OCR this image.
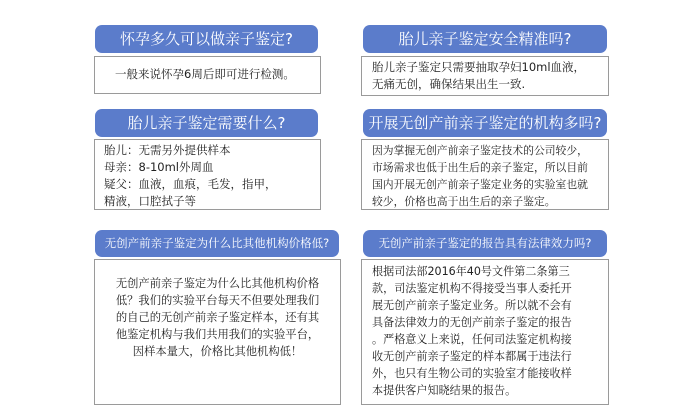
怀孕多久可以做亲子鉴定?
一般来说怀孕6周后即可进行检测。
胎儿亲子鉴定安全精准吗?
胎儿亲子鉴定只需要抽取孕妇10ml血液，
无痛无创，确保结果出生一致.
胎儿亲子鉴定需要什么?
胎儿：无需另外提供样本
母亲：8-10ml外周血
疑父：血液，血痕，毛发，指甲，
精液，口腔拭子等
开展无创产前亲子鉴定的机构多吗?
因为掌握无创产前亲子鉴定技术的公司较少，
市场需求也低于出生后的亲子鉴定，所以目前
国内开展无创产前亲子鉴定业务的实验室也就
较少，价格也高于出生后的亲子鉴定。
无创产前亲子鉴定为什么比其他机构价格低?
无创产前亲子鉴定为什么比其他机构价格
低？我们的实验平台每天不但要处理我们
的自己的无创产前亲子鉴定样本，还有其
他鉴定机构与我们共用我们的实验平台，
因样本量大，价格比其他机构低！
无创产前亲子鉴定的报告具有法律效力吗?
根据司法部2016年40号文件第二条第三
款，司法鉴定机构不得接受当事人委托开
展无创产前亲子鉴定业务。所以就不会有
具备法律效力的无创产前亲子鉴定的报告
。严格意义上来说，任何司法鉴定机构接
收无创产前亲子鉴定的样本都属于违法行
外，也只有生物公司的实验室才能接收样
本提供客户知晓结果的报告。
